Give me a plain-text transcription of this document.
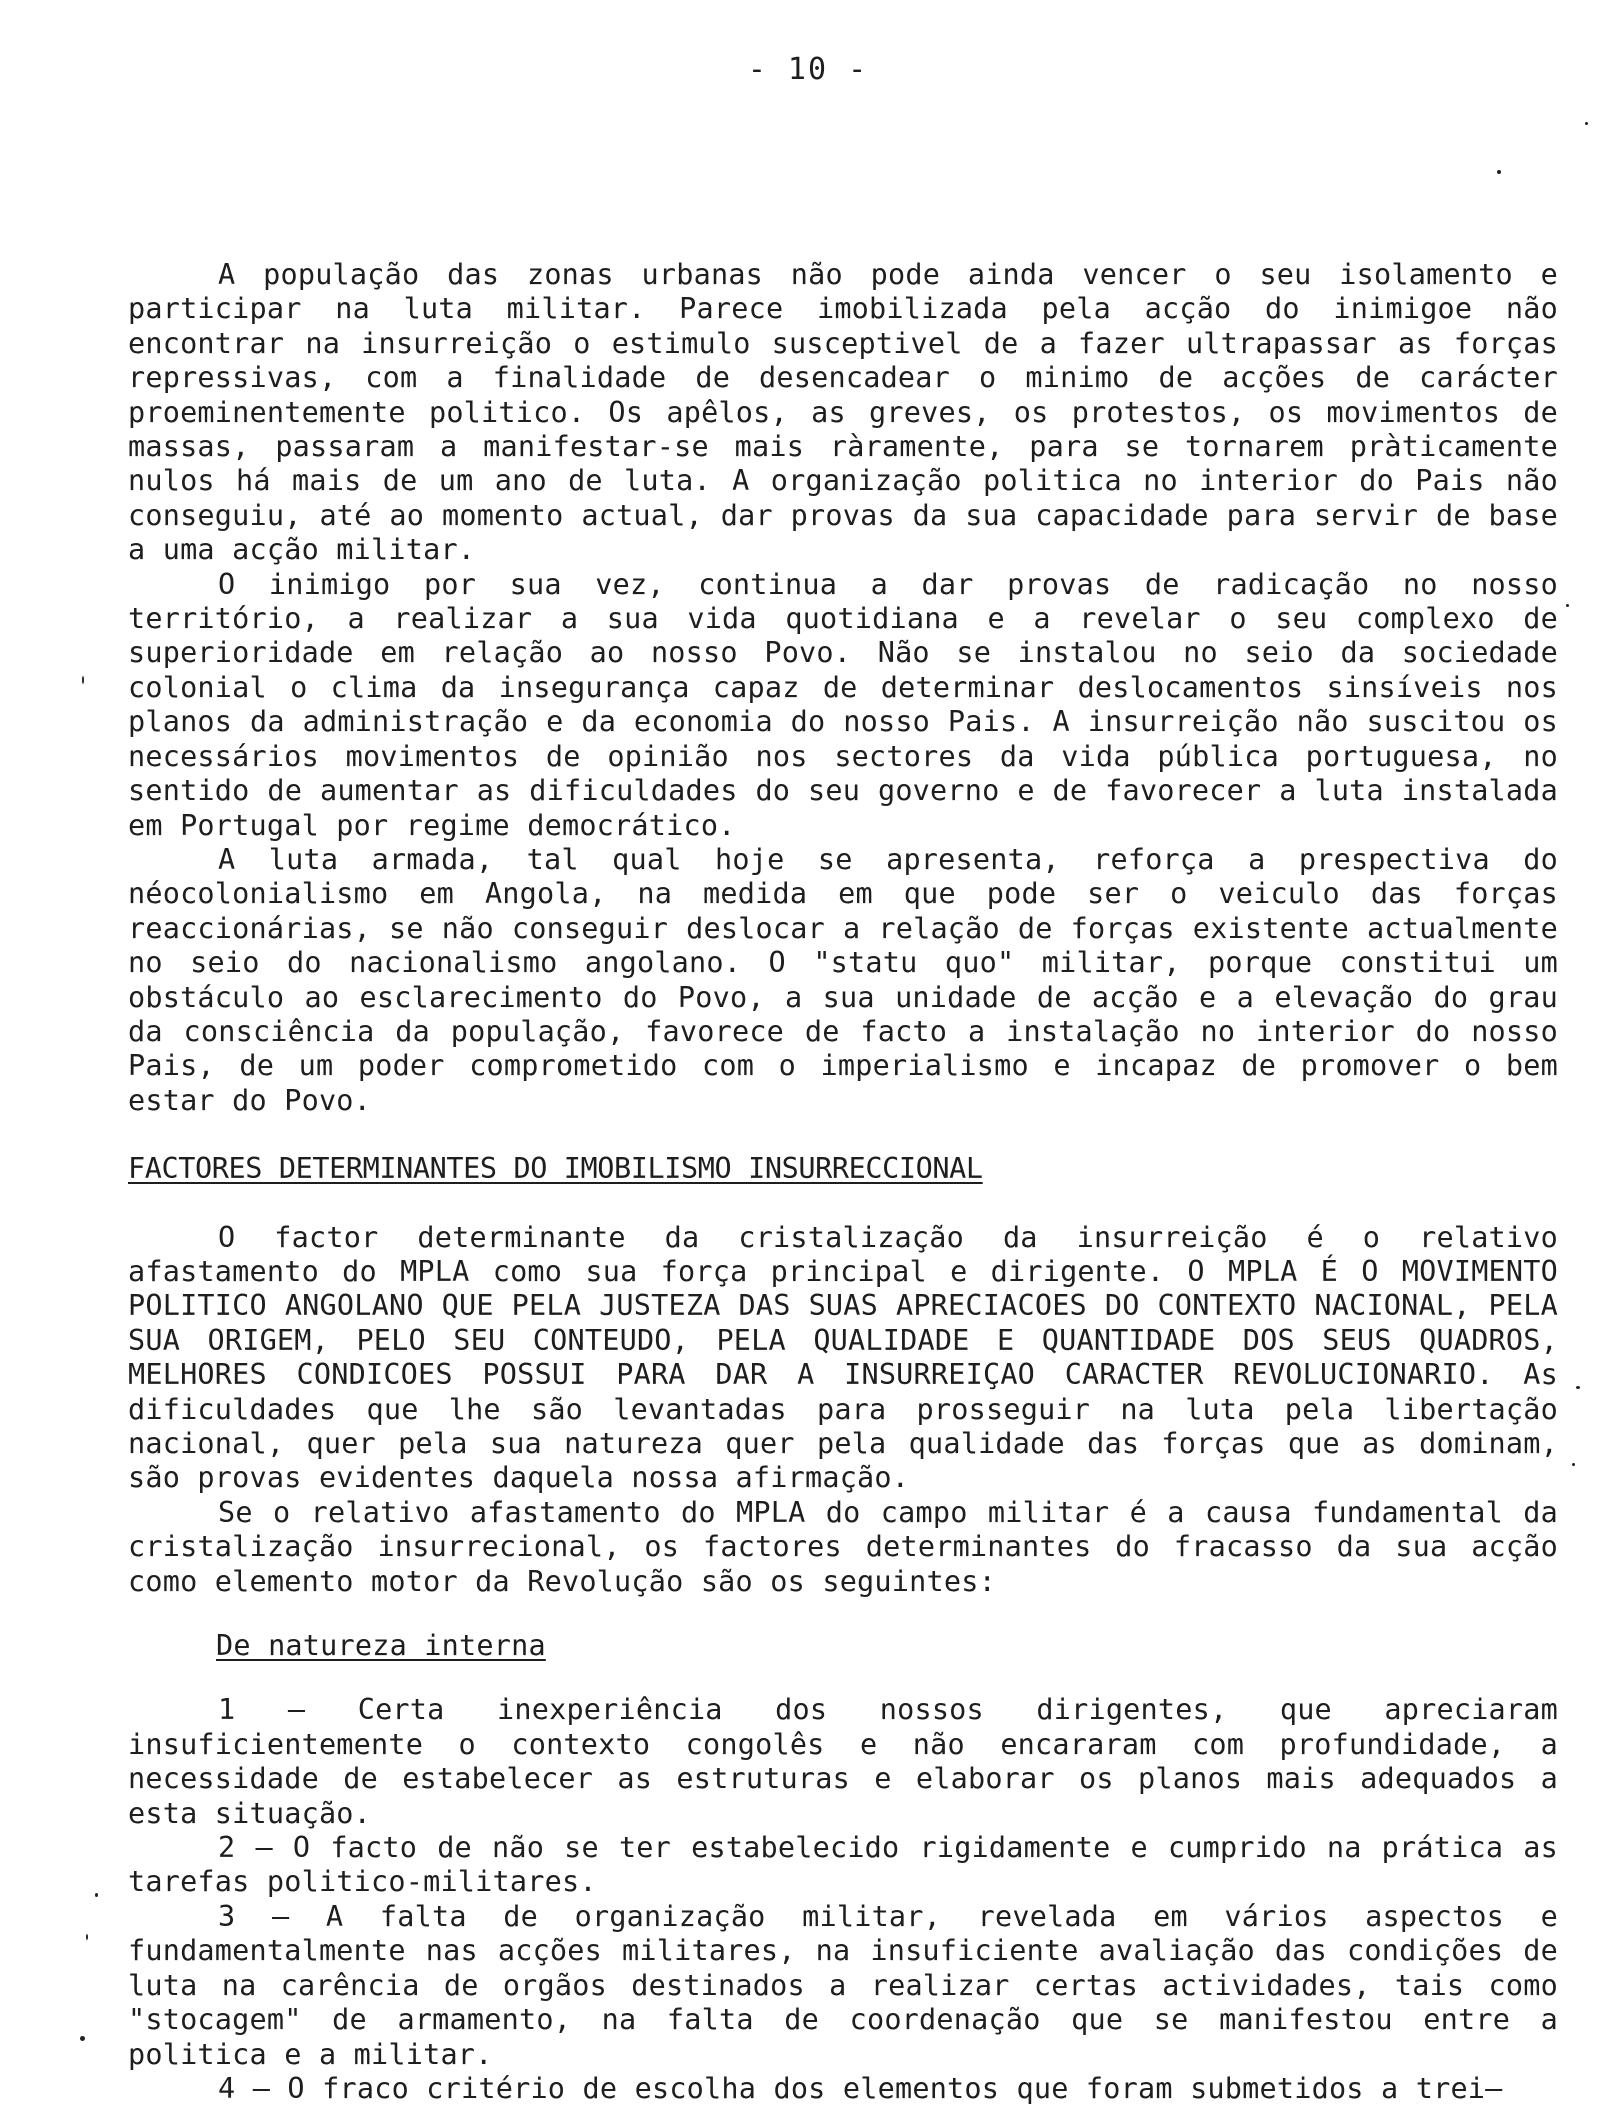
- 10 -

A população das zonas urbanas não pode ainda vencer o seu isolamento e participar na luta militar. Parece imobilizada pela acção do inimigoe não encontrar na insurreição o estimulo susceptivel de a fazer ultrapassar as forças repressivas, com a finalidade de desencadear o minimo de acções de carácter proeminentemente politico. Os apêlos, as greves, os protestos, os movimentos de massas, passaram a manifestar-se mais ràramente, para se tornarem pràticamente nulos há mais de um ano de luta. A organização politica no interior do Pais não conseguiu, até ao momento actual, dar provas da sua capacidade para servir de base a uma acção militar.

O inimigo por sua vez, continua a dar provas de radicação no nosso território, a realizar a sua vida quotidiana e a revelar o seu complexo de superioridade em relação ao nosso Povo. Não se instalou no seio da sociedade colonial o clima da insegurança capaz de determinar deslocamentos sinsíveis nos planos da administração e da economia do nosso Pais. A insurreição não suscitou os necessários movimentos de opinião nos sectores da vida pública portuguesa, no sentido de aumentar as dificuldades do seu governo e de favorecer a luta instalada em Portugal por regime democrático.

A luta armada, tal qual hoje se apresenta, reforça a prespectiva do néocolonialismo em Angola, na medida em que pode ser o veiculo das forças reaccionárias, se não conseguir deslocar a relação de forças existente actualmente no seio do nacionalismo angolano. O "statu quo" militar, porque constitui um obstáculo ao esclarecimento do Povo, a sua unidade de acção e a elevação do grau da consciência da população, favorece de facto a instalação no interior do nosso Pais, de um poder comprometido com o imperialismo e incapaz de promover o bem estar do Povo.

FACTORES DETERMINANTES DO IMOBILISMO INSURRECCIONAL

O factor determinante da cristalização da insurreição é o relativo afastamento do MPLA como sua força principal e dirigente. O MPLA É O MOVIMENTO POLITICO ANGOLANO QUE PELA JUSTEZA DAS SUAS APRECIACOES DO CONTEXTO NACIONAL, PELA SUA ORIGEM, PELO SEU CONTEUDO, PELA QUALIDADE E QUANTIDADE DOS SEUS QUADROS, MELHORES CONDICOES POSSUI PARA DAR A INSURREIÇAO CARACTER REVOLUCIONARIO. As dificuldades que lhe são levantadas para prosseguir na luta pela libertação nacional, quer pela sua natureza quer pela qualidade das forças que as dominam, são provas evidentes daquela nossa afirmação.

Se o relativo afastamento do MPLA do campo militar é a causa fundamental da cristalização insurrecional, os factores determinantes do fracasso da sua acção como elemento motor da Revolução são os seguintes:

De natureza interna

1 – Certa inexperiência dos nossos dirigentes, que apreciaram insuficientemente o contexto congolês e não encararam com profundidade, a necessidade de estabelecer as estruturas e elaborar os planos mais adequados a esta situação.

2 – O facto de não se ter estabelecido rigidamente e cumprido na prática as tarefas politico-militares.

3 – A falta de organização militar, revelada em vários aspectos e fundamentalmente nas acções militares, na insuficiente avaliação das condições de luta na carência de orgãos destinados a realizar certas actividades, tais como "stocagem" de armamento, na falta de coordenação que se manifestou entre a politica e a militar.

4 – O fraco critério de escolha dos elementos que foram submetidos a trei–
